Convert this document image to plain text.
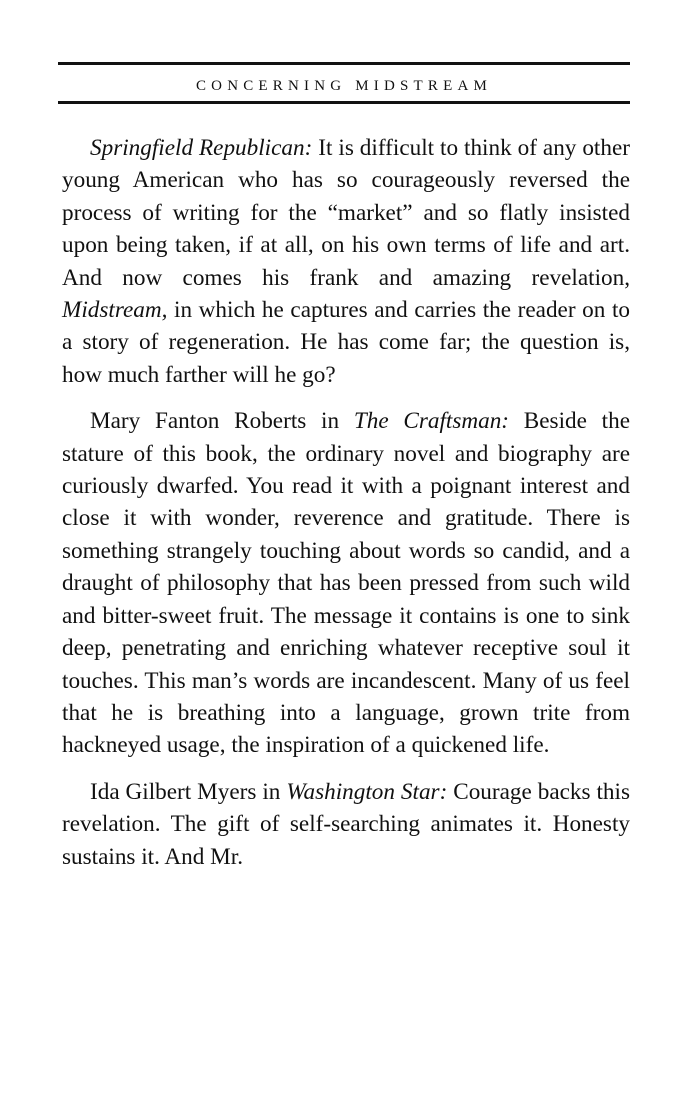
CONCERNING MIDSTREAM

Springfield Republican: It is difficult to think of any other young American who has so courageously reversed the process of writing for the “market” and so flatly insisted upon being taken, if at all, on his own terms of life and art. And now comes his frank and amazing revelation, Midstream, in which he captures and carries the reader on to a story of regeneration. He has come far; the question is, how much farther will he go?

Mary Fanton Roberts in The Craftsman: Beside the stature of this book, the ordinary novel and biography are curiously dwarfed. You read it with a poignant interest and close it with wonder, reverence and gratitude. There is something strangely touching about words so candid, and a draught of philosophy that has been pressed from such wild and bitter-sweet fruit. The message it contains is one to sink deep, penetrating and enriching whatever receptive soul it touches. This man’s words are incandescent. Many of us feel that he is breathing into a language, grown trite from hackneyed usage, the inspiration of a quickened life.

Ida Gilbert Myers in Washington Star: Courage backs this revelation. The gift of self-searching animates it. Honesty sustains it. And Mr.
